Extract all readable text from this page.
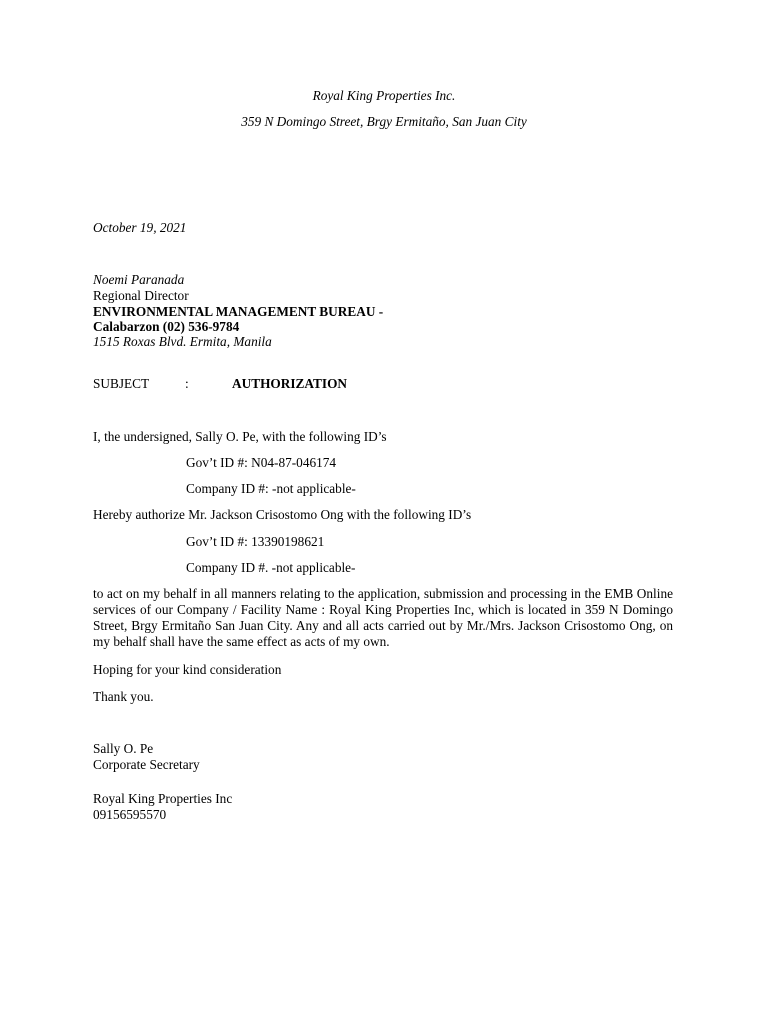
Royal King Properties Inc.
359 N Domingo Street, Brgy Ermitaño, San Juan City
October 19, 2021
Noemi Paranada
Regional Director
ENVIRONMENTAL MANAGEMENT BUREAU -
Calabarzon (02) 536-9784
1515 Roxas Blvd. Ermita, Manila
SUBJECT	:	AUTHORIZATION
I, the undersigned, Sally O. Pe, with the following ID’s
Gov’t ID #: N04-87-046174
Company ID #: -not applicable-
Hereby authorize Mr. Jackson Crisostomo Ong with the following ID’s
Gov’t ID #: 13390198621
Company ID #. -not applicable-
to act on my behalf in all manners relating to the application, submission and processing in the EMB Online services of our Company / Facility Name : Royal King Properties Inc, which is located in 359 N Domingo Street, Brgy Ermitaño San Juan City. Any and all acts carried out by Mr./Mrs. Jackson Crisostomo Ong, on my behalf shall have the same effect as acts of my own.
Hoping for your kind consideration
Thank you.
Sally O. Pe
Corporate Secretary
Royal King Properties Inc
09156595570
